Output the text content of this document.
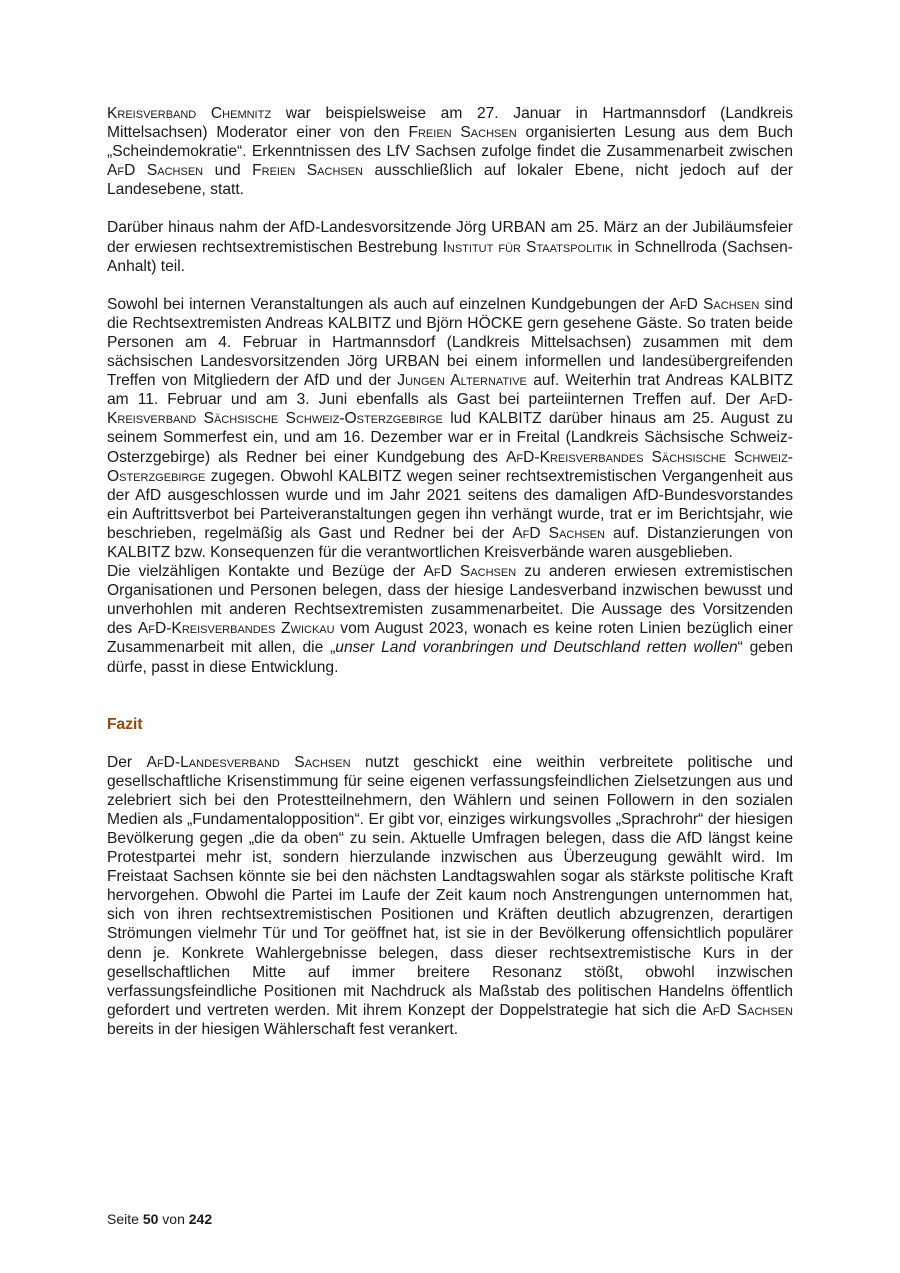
Kreisverband Chemnitz war beispielsweise am 27. Januar in Hartmannsdorf (Landkreis Mittelsachsen) Moderator einer von den Freien Sachsen organisierten Lesung aus dem Buch „Scheindemokratie“. Erkenntnissen des LfV Sachsen zufolge findet die Zusammenarbeit zwischen AfD Sachsen und Freien Sachsen ausschließlich auf lokaler Ebene, nicht jedoch auf der Landesebene, statt.

Darüber hinaus nahm der AfD-Landesvorsitzende Jörg URBAN am 25. März an der Jubiläumsfeier der erwiesen rechtsextremistischen Bestrebung Institut für Staatspolitik in Schnellroda (Sachsen-Anhalt) teil.

Sowohl bei internen Veranstaltungen als auch auf einzelnen Kundgebungen der AfD Sachsen sind die Rechtsextremisten Andreas KALBITZ und Björn HÖCKE gern gesehene Gäste. So traten beide Personen am 4. Februar in Hartmannsdorf (Landkreis Mittelsachsen) zusammen mit dem sächsischen Landesvorsitzenden Jörg URBAN bei einem informellen und landesübergreifenden Treffen von Mitgliedern der AfD und der Jungen Alternative auf. Weiterhin trat Andreas KALBITZ am 11. Februar und am 3. Juni ebenfalls als Gast bei parteiinternen Treffen auf. Der AfD-Kreisverband Sächsische Schweiz-Osterzgebirge lud KALBITZ darüber hinaus am 25. August zu seinem Sommerfest ein, und am 16. Dezember war er in Freital (Landkreis Sächsische Schweiz-Osterzgebirge) als Redner bei einer Kundgebung des AfD-Kreisverbandes Sächsische Schweiz-Osterzgebirge zugegen. Obwohl KALBITZ wegen seiner rechtsextremistischen Vergangenheit aus der AfD ausgeschlossen wurde und im Jahr 2021 seitens des damaligen AfD-Bundesvorstandes ein Auftrittsverbot bei Parteiveranstaltungen gegen ihn verhängt wurde, trat er im Berichtsjahr, wie beschrieben, regelmäßig als Gast und Redner bei der AfD Sachsen auf. Distanzierungen von KALBITZ bzw. Konsequenzen für die verantwortlichen Kreisverbände waren ausgeblieben.

Die vielzähligen Kontakte und Bezüge der AfD Sachsen zu anderen erwiesen extremistischen Organisationen und Personen belegen, dass der hiesige Landesverband inzwischen bewusst und unverhohlen mit anderen Rechtsextremisten zusammenarbeitet. Die Aussage des Vorsitzenden des AfD-Kreisverbandes Zwickau vom August 2023, wonach es keine roten Linien bezüglich einer Zusammenarbeit mit allen, die „unser Land voranbringen und Deutschland retten wollen“ geben dürfe, passt in diese Entwicklung.

Fazit

Der AfD-Landesverband Sachsen nutzt geschickt eine weithin verbreitete politische und gesellschaftliche Krisenstimmung für seine eigenen verfassungsfeindlichen Zielsetzungen aus und zelebriert sich bei den Protestteilnehmern, den Wählern und seinen Followern in den sozialen Medien als „Fundamentalopposition“. Er gibt vor, einziges wirkungsvolles „Sprachrohr“ der hiesigen Bevölkerung gegen „die da oben“ zu sein. Aktuelle Umfragen belegen, dass die AfD längst keine Protestpartei mehr ist, sondern hierzulande inzwischen aus Überzeugung gewählt wird. Im Freistaat Sachsen könnte sie bei den nächsten Landtagswahlen sogar als stärkste politische Kraft hervorgehen. Obwohl die Partei im Laufe der Zeit kaum noch Anstrengungen unternommen hat, sich von ihren rechtsextremistischen Positionen und Kräften deutlich abzugrenzen, derartigen Strömungen vielmehr Tür und Tor geöffnet hat, ist sie in der Bevölkerung offensichtlich populärer denn je. Konkrete Wahlergebnisse belegen, dass dieser rechtsextremistische Kurs in der gesellschaftlichen Mitte auf immer breitere Resonanz stößt, obwohl inzwischen verfassungsfeindliche Positionen mit Nachdruck als Maßstab des politischen Handelns öffentlich gefordert und vertreten werden. Mit ihrem Konzept der Doppelstrategie hat sich die AfD Sachsen bereits in der hiesigen Wählerschaft fest verankert.

Seite 50 von 242
